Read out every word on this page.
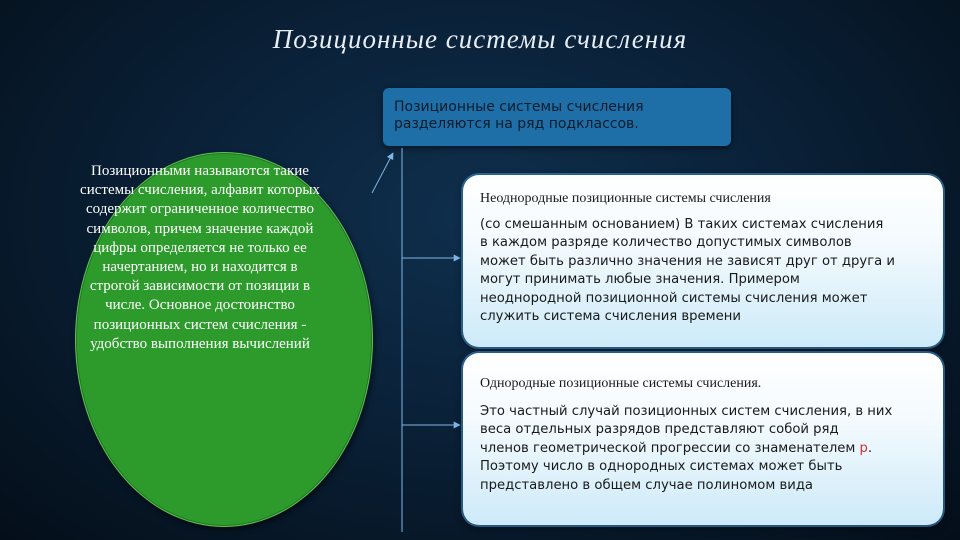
Позиционные системы счисления
Позиционные системы счисления
разделяются на ряд подклассов.
Позиционными называются такие системы счисления, алфавит которых содержит ограниченное количество символов, причем значение каждой цифры определяется не только ее начертанием, но и находится в строгой зависимости от позиции в числе. Основное достоинство позиционных систем счисления - удобство выполнения вычислений
Неоднородные позиционные системы счисления
(со смешанным основанием) В таких системах счисления
в каждом разряде количество допустимых символов
может быть различно значения не зависят друг от друга и
могут принимать любые значения. Примером
неоднородной позиционной системы счисления может
служить система счисления времени
Однородные позиционные системы счисления.
Это частный случай позиционных систем счисления, в них
веса отдельных разрядов представляют собой ряд
членов геометрической прогрессии со знаменателем р.
Поэтому число в однородных системах может быть
представлено в общем случае полиномом вида
